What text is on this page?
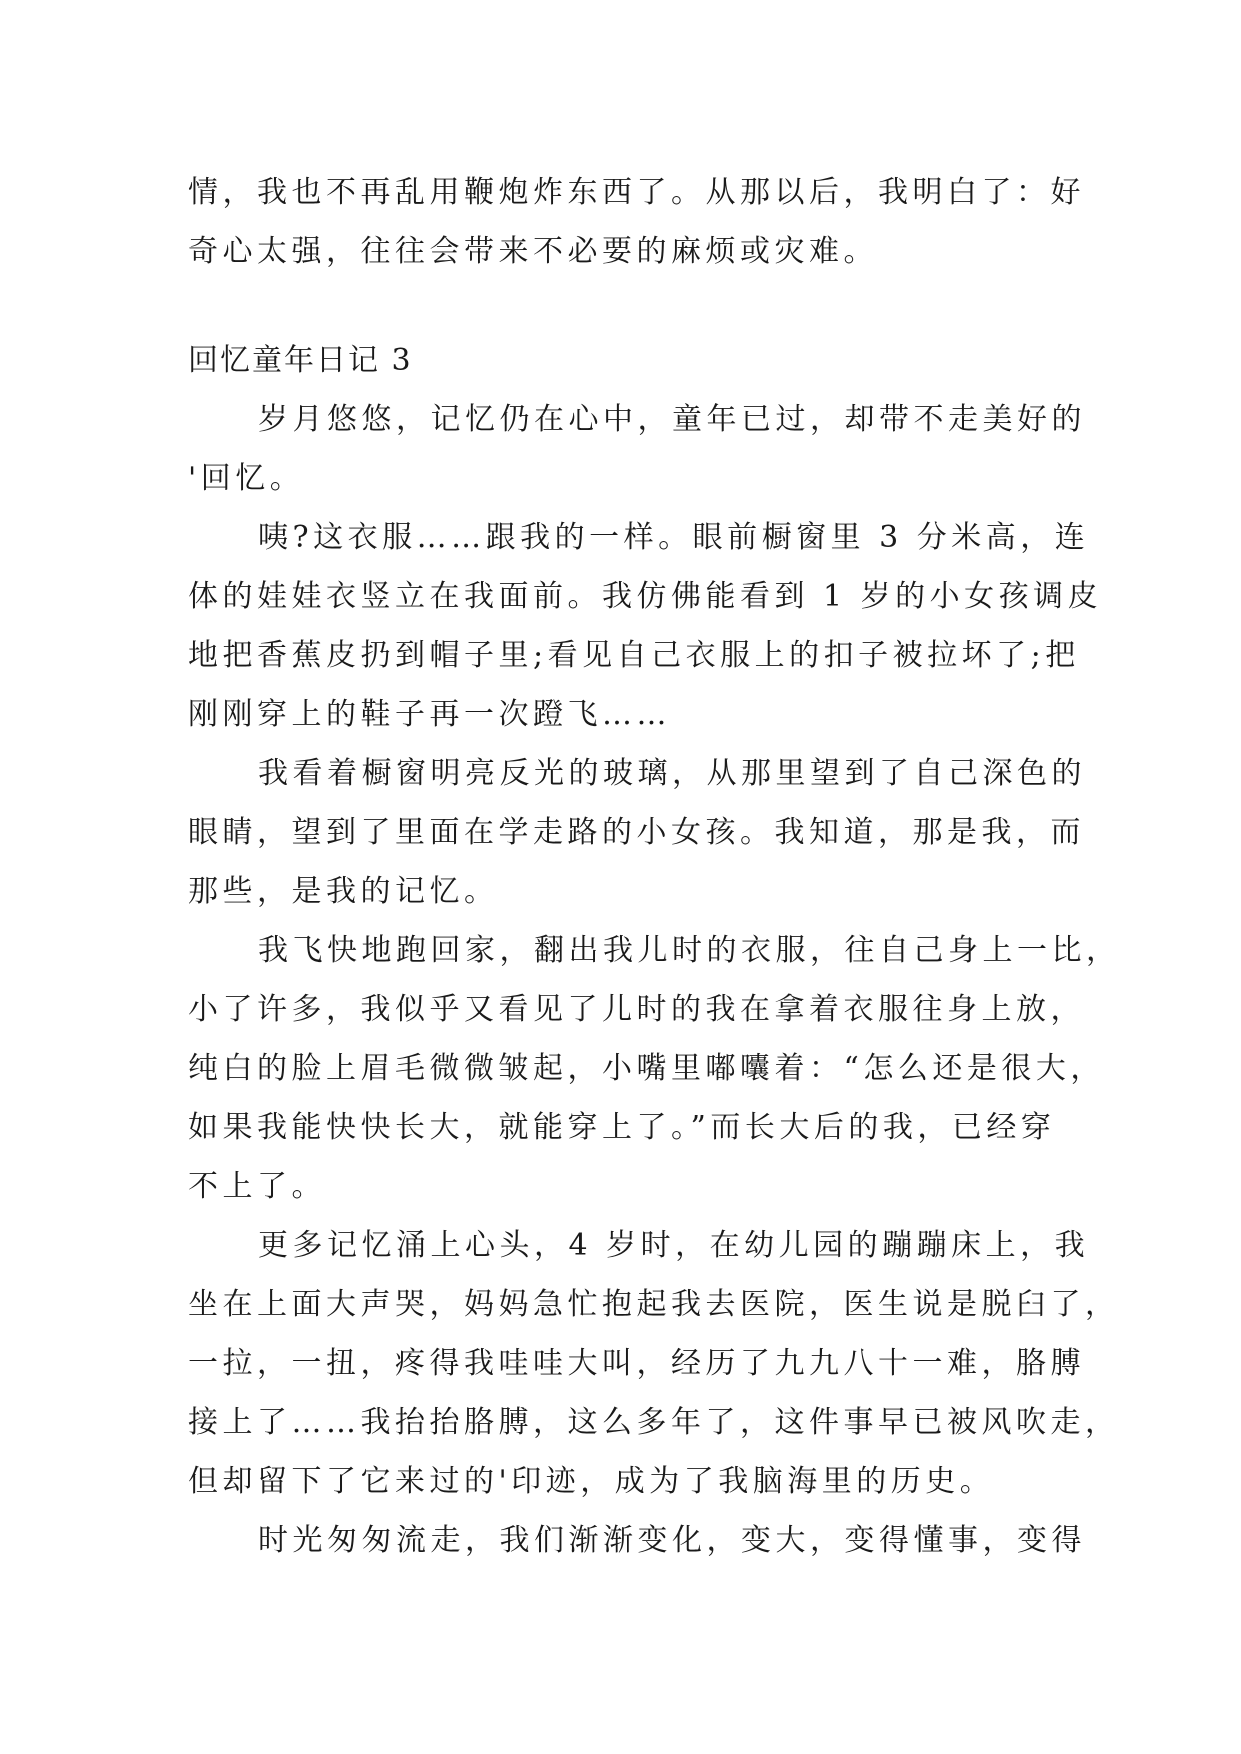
情，我也不再乱用鞭炮炸东西了。从那以后，我明白了：好
奇心太强，往往会带来不必要的麻烦或灾难。
回忆童年日记 3
岁月悠悠，记忆仍在心中，童年已过，却带不走美好的
'回忆。
咦?这衣服……跟我的一样。眼前橱窗里 3 分米高，连
体的娃娃衣竖立在我面前。我仿佛能看到 1 岁的小女孩调皮
地把香蕉皮扔到帽子里;看见自己衣服上的扣子被拉坏了;把
刚刚穿上的鞋子再一次蹬飞……
我看着橱窗明亮反光的玻璃，从那里望到了自己深色的
眼睛，望到了里面在学走路的小女孩。我知道，那是我，而
那些，是我的记忆。
我飞快地跑回家，翻出我儿时的衣服，往自己身上一比，
小了许多，我似乎又看见了儿时的我在拿着衣服往身上放，
纯白的脸上眉毛微微皱起，小嘴里嘟囔着：“怎么还是很大，
如果我能快快长大，就能穿上了。”而长大后的我，已经穿
不上了。
更多记忆涌上心头，4 岁时，在幼儿园的蹦蹦床上，我
坐在上面大声哭，妈妈急忙抱起我去医院，医生说是脱臼了，
一拉，一扭，疼得我哇哇大叫，经历了九九八十一难，胳膊
接上了……我抬抬胳膊，这么多年了，这件事早已被风吹走，
但却留下了它来过的'印迹，成为了我脑海里的历史。
时光匆匆流走，我们渐渐变化，变大，变得懂事，变得
